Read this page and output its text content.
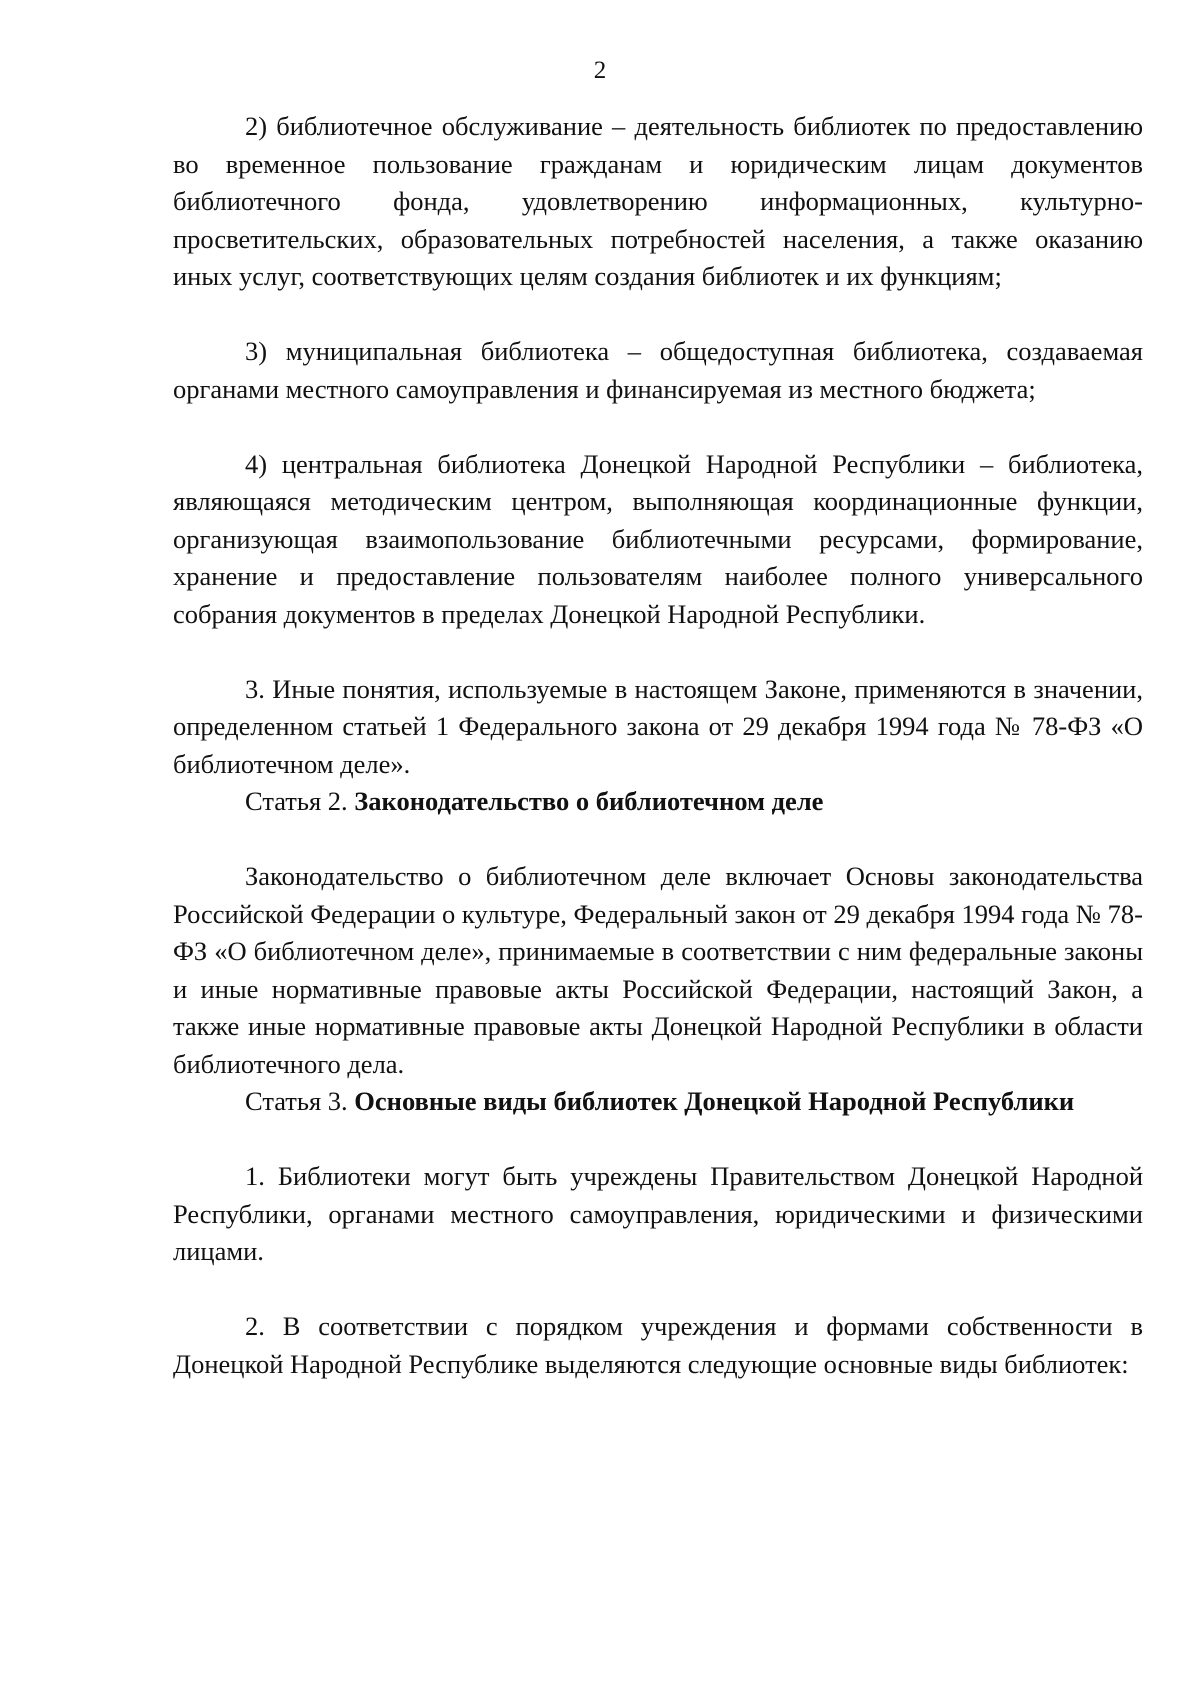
2

2) библиотечное обслуживание – деятельность библиотек по предоставлению во временное пользование гражданам и юридическим лицам документов библиотечного фонда, удовлетворению информационных, культурно-просветительских, образовательных потребностей населения, а также оказанию иных услуг, соответствующих целям создания библиотек и их функциям;

3) муниципальная библиотека – общедоступная библиотека, создаваемая органами местного самоуправления и финансируемая из местного бюджета;

4) центральная библиотека Донецкой Народной Республики – библиотека, являющаяся методическим центром, выполняющая координационные функции, организующая взаимопользование библиотечными ресурсами, формирование, хранение и предоставление пользователям наиболее полного универсального собрания документов в пределах Донецкой Народной Республики.

3. Иные понятия, используемые в настоящем Законе, применяются в значении, определенном статьей 1 Федерального закона от 29 декабря 1994 года № 78-ФЗ «О библиотечном деле».

Статья 2. Законодательство о библиотечном деле

Законодательство о библиотечном деле включает Основы законодательства Российской Федерации о культуре, Федеральный закон от 29 декабря 1994 года № 78-ФЗ «О библиотечном деле», принимаемые в соответствии с ним федеральные законы и иные нормативные правовые акты Российской Федерации, настоящий Закон, а также иные нормативные правовые акты Донецкой Народной Республики в области библиотечного дела.

Статья 3. Основные виды библиотек Донецкой Народной Республики

1. Библиотеки могут быть учреждены Правительством Донецкой Народной Республики, органами местного самоуправления, юридическими и физическими лицами.

2. В соответствии с порядком учреждения и формами собственности в Донецкой Народной Республике выделяются следующие основные виды библиотек:
